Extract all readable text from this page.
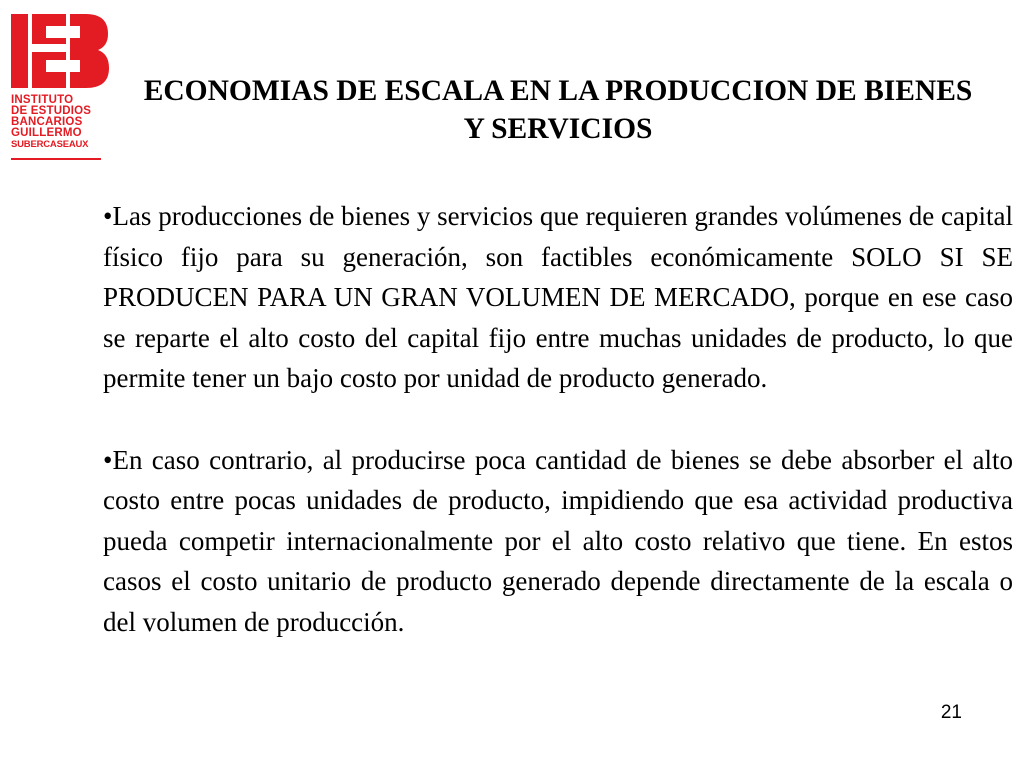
INSTITUTO
DE ESTUDIOS
BANCARIOS
GUILLERMO
SUBERCASEAUX
ECONOMIAS DE ESCALA EN LA PRODUCCION DE BIENES Y SERVICIOS

•Las producciones de bienes y servicios que requieren grandes volúmenes de capital físico fijo para su generación, son factibles económicamente SOLO SI SE PRODUCEN PARA UN GRAN VOLUMEN DE MERCADO, porque en ese caso se reparte el alto costo del capital fijo entre muchas unidades de producto, lo que permite tener un bajo costo por unidad de producto generado.

•En caso contrario, al producirse poca cantidad de bienes se debe absorber el alto costo entre pocas unidades de producto, impidiendo que esa actividad productiva pueda competir internacionalmente por el alto costo relativo que tiene. En estos casos el costo unitario de producto generado depende directamente de la escala o del volumen de producción.

21
